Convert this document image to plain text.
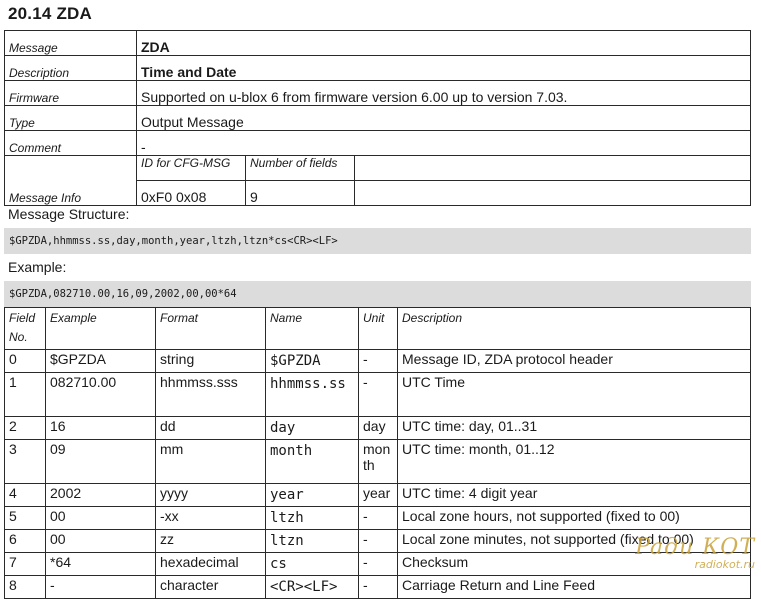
20.14 ZDA
Message	ZDA		
Description	Time and Date		
Firmware	Supported on u-blox 6 from firmware version 6.00 up to version 7.03.		
Type	Output Message		
Comment	-		
Message Info	ID for CFG-MSG	Number of fields	
	0xF0 0x08	9	
Message Structure:
$GPZDA,hhmmss.ss,day,month,year,ltzh,ltzn*cs<CR><LF>
Example:
$GPZDA,082710.00,16,09,2002,00,00*64
Field No.	Example	Format	Name	Unit	Description
0	$GPZDA	string	$GPZDA	-	Message ID, ZDA protocol header
1	082710.00	hhmmss.sss	hhmmss.ss	-	UTC Time
2	16	dd	day	day	UTC time: day, 01..31
3	09	mm	month	month	UTC time: month, 01..12
4	2002	yyyy	year	year	UTC time: 4 digit year
5	00	-xx	ltzh	-	Local zone hours, not supported (fixed to 00)
6	00	zz	ltzn	-	Local zone minutes, not supported (fixed to 00)
7	*64	hexadecimal	cs	-	Checksum
8	-	character	<CR><LF>	-	Carriage Return and Line Feed
Paди КОТ
radiokot.ru
